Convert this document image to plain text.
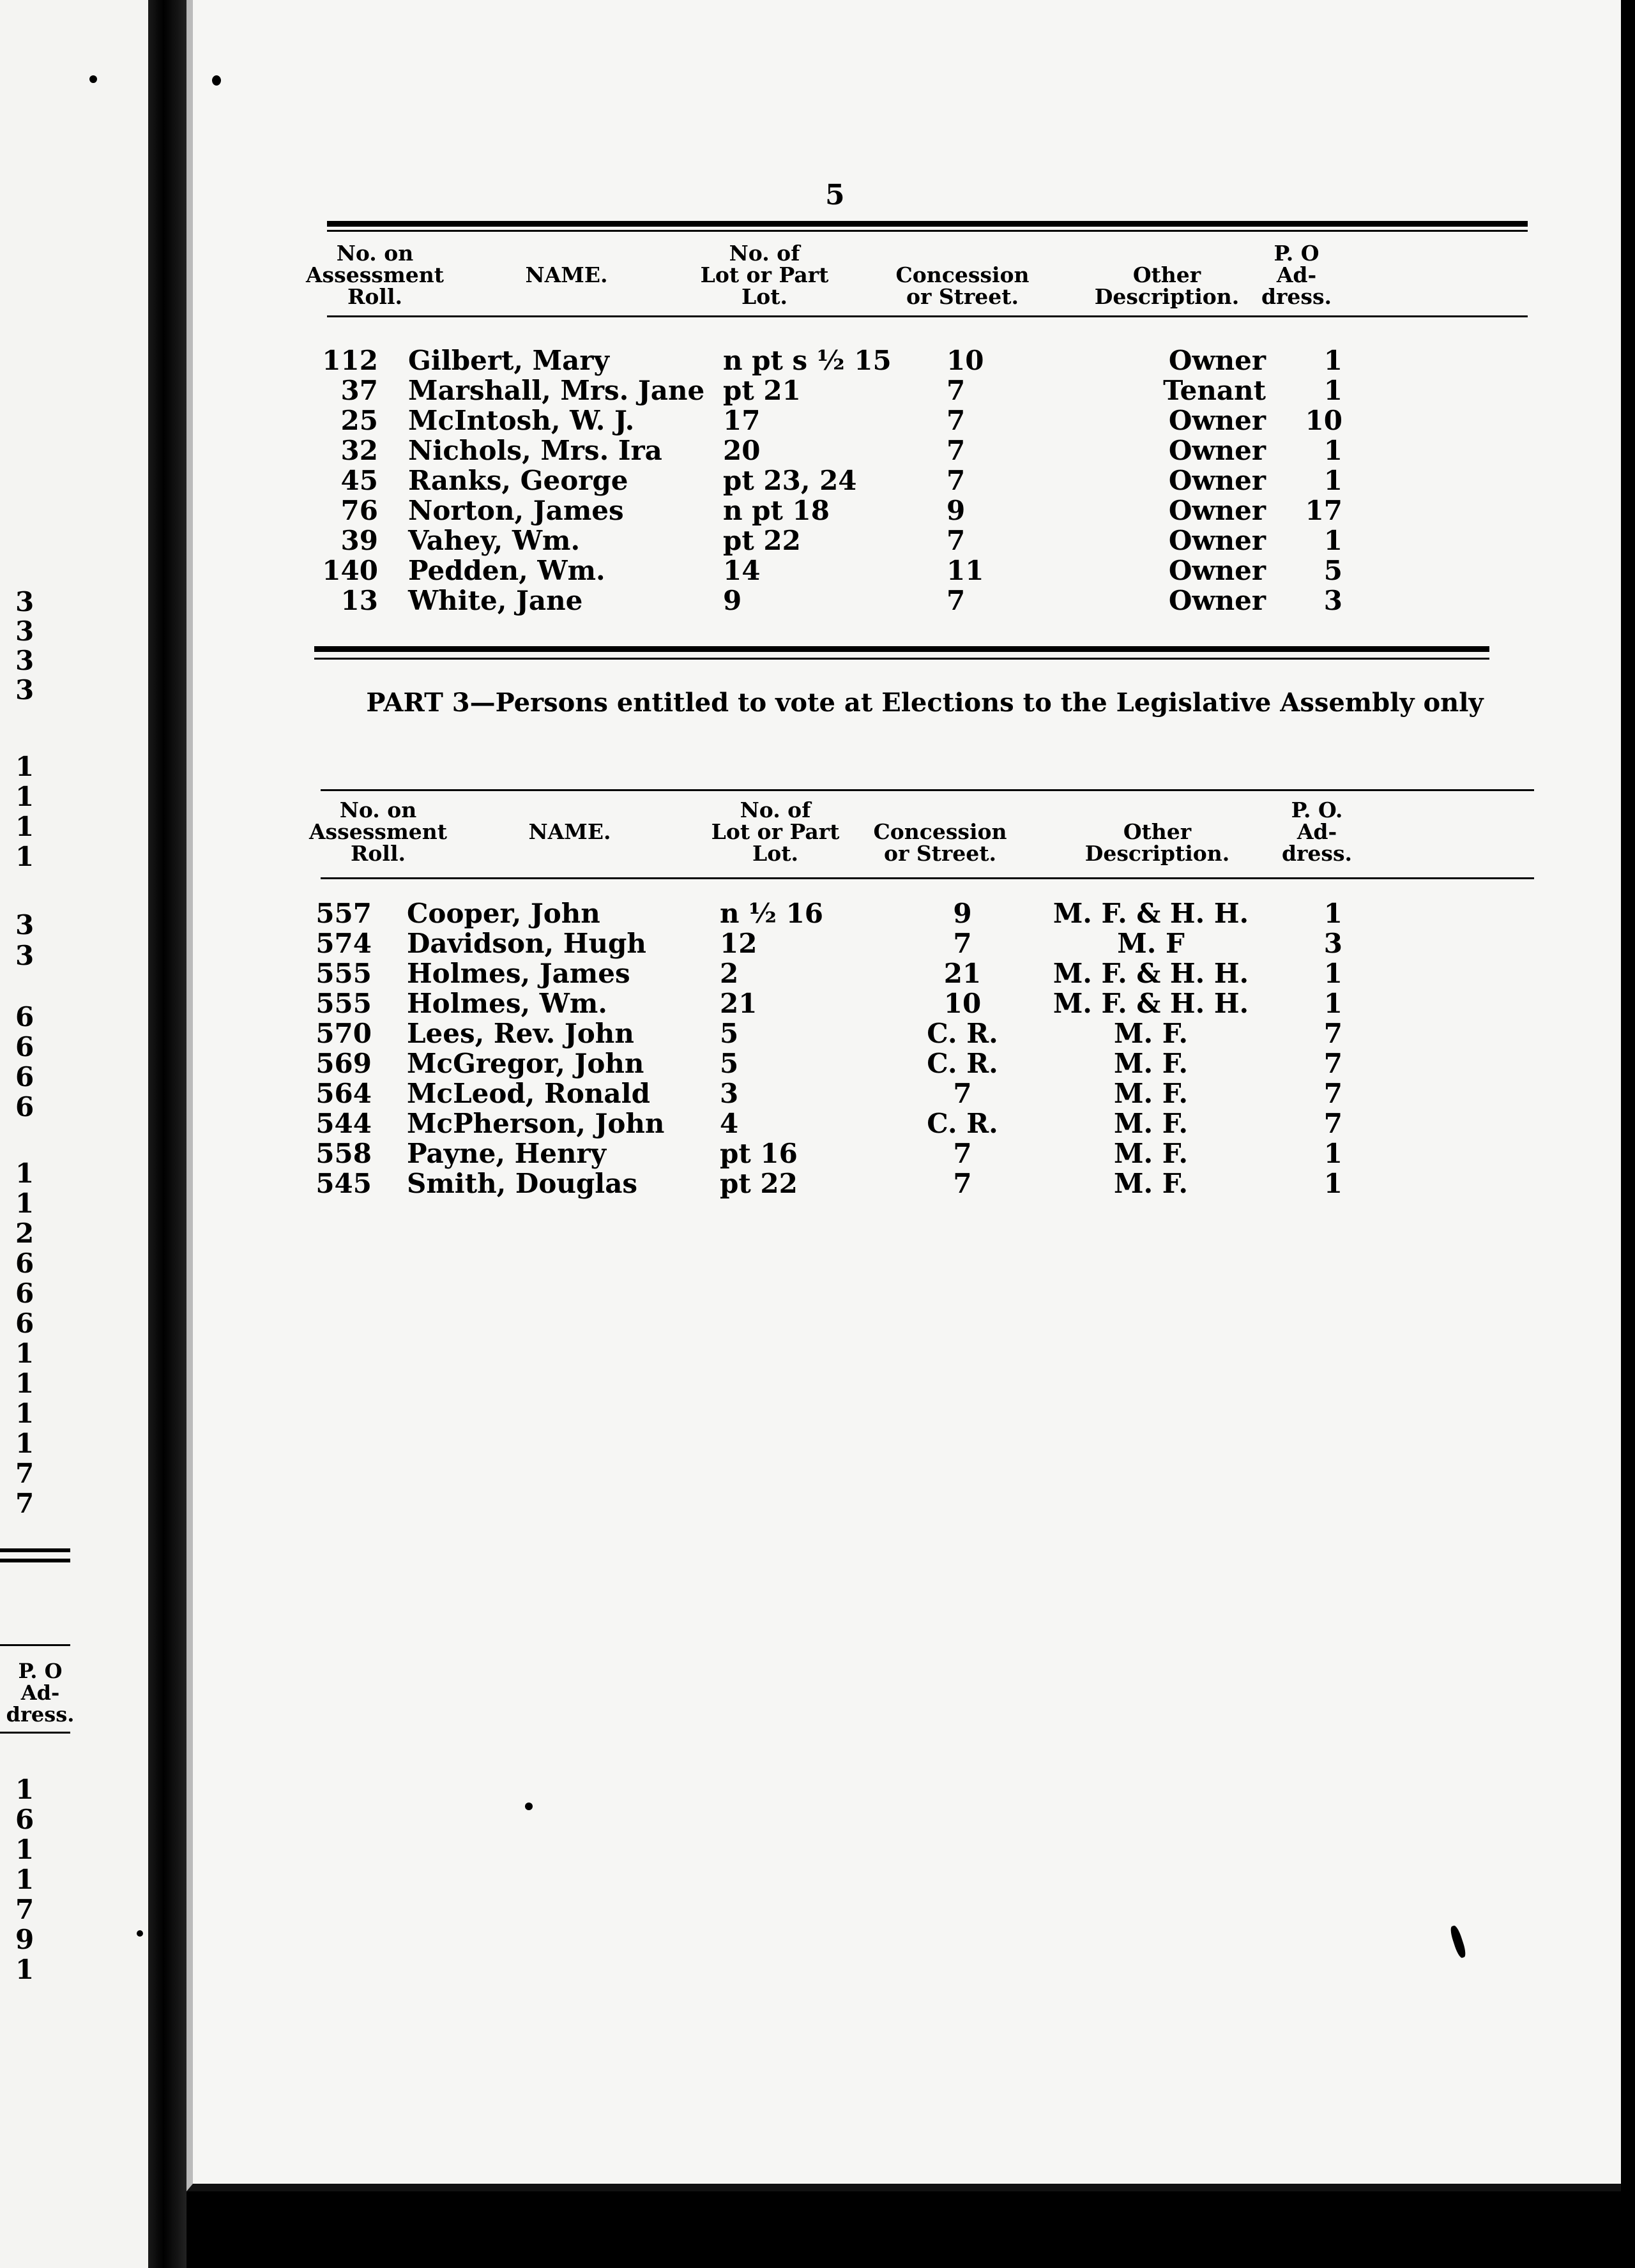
3
3
3
3
1
1
1
1
3
3
6
6
6
6
1
1
2
6
6
6
1
1
1
1
7
7
P. O
Ad-
dress.
1
6
1
1
7
9
1
5
No. on
Assessment
Roll.
NAME.
No. of
Lot or Part
Lot.
Concession
or Street.
Other
Description.
P. O
Ad-
dress.
112 Gilbert, Mary	n pt s ½ 15	10	Owner	1
37 Marshall, Mrs. Jane pt 21	7	Tenant	1
25 McIntosh, W. J.	17	7	Owner	10
32 Nichols, Mrs. Ira	20	7	Owner	1
45 Ranks, George	pt 23, 24	7	Owner	1
76 Norton, James	n pt 18	9	Owner	17
39 Vahey, Wm.	pt 22	7	Owner	1
140 Pedden, Wm.	14	11	Owner	5
13 White, Jane	9	7	Owner	3
PART 3—Persons entitled to vote at Elections to the Legislative Assembly only
No. on
Assessment
Roll.
NAME.
No. of
Lot or Part
Lot.
Concession
or Street.
Other
Description.
P. O.
Ad-
dress.
557 Cooper, John	n ½ 16	9	M. F. & H. H.	1
574 Davidson, Hugh	12	7	M. F	3
555 Holmes, James	2	21	M. F. & H. H.	1
555 Holmes, Wm.	21	10	M. F. & H. H.	1
570 Lees, Rev. John	5	C. R.	M. F.	7
569 McGregor, John	5	C. R.	M. F.	7
564 McLeod, Ronald	3	7	M. F.	7
544 McPherson, John	4	C. R.	M. F.	7
558 Payne, Henry	pt 16	7	M. F.	1
545 Smith, Douglas	pt 22	7	M. F.	1
